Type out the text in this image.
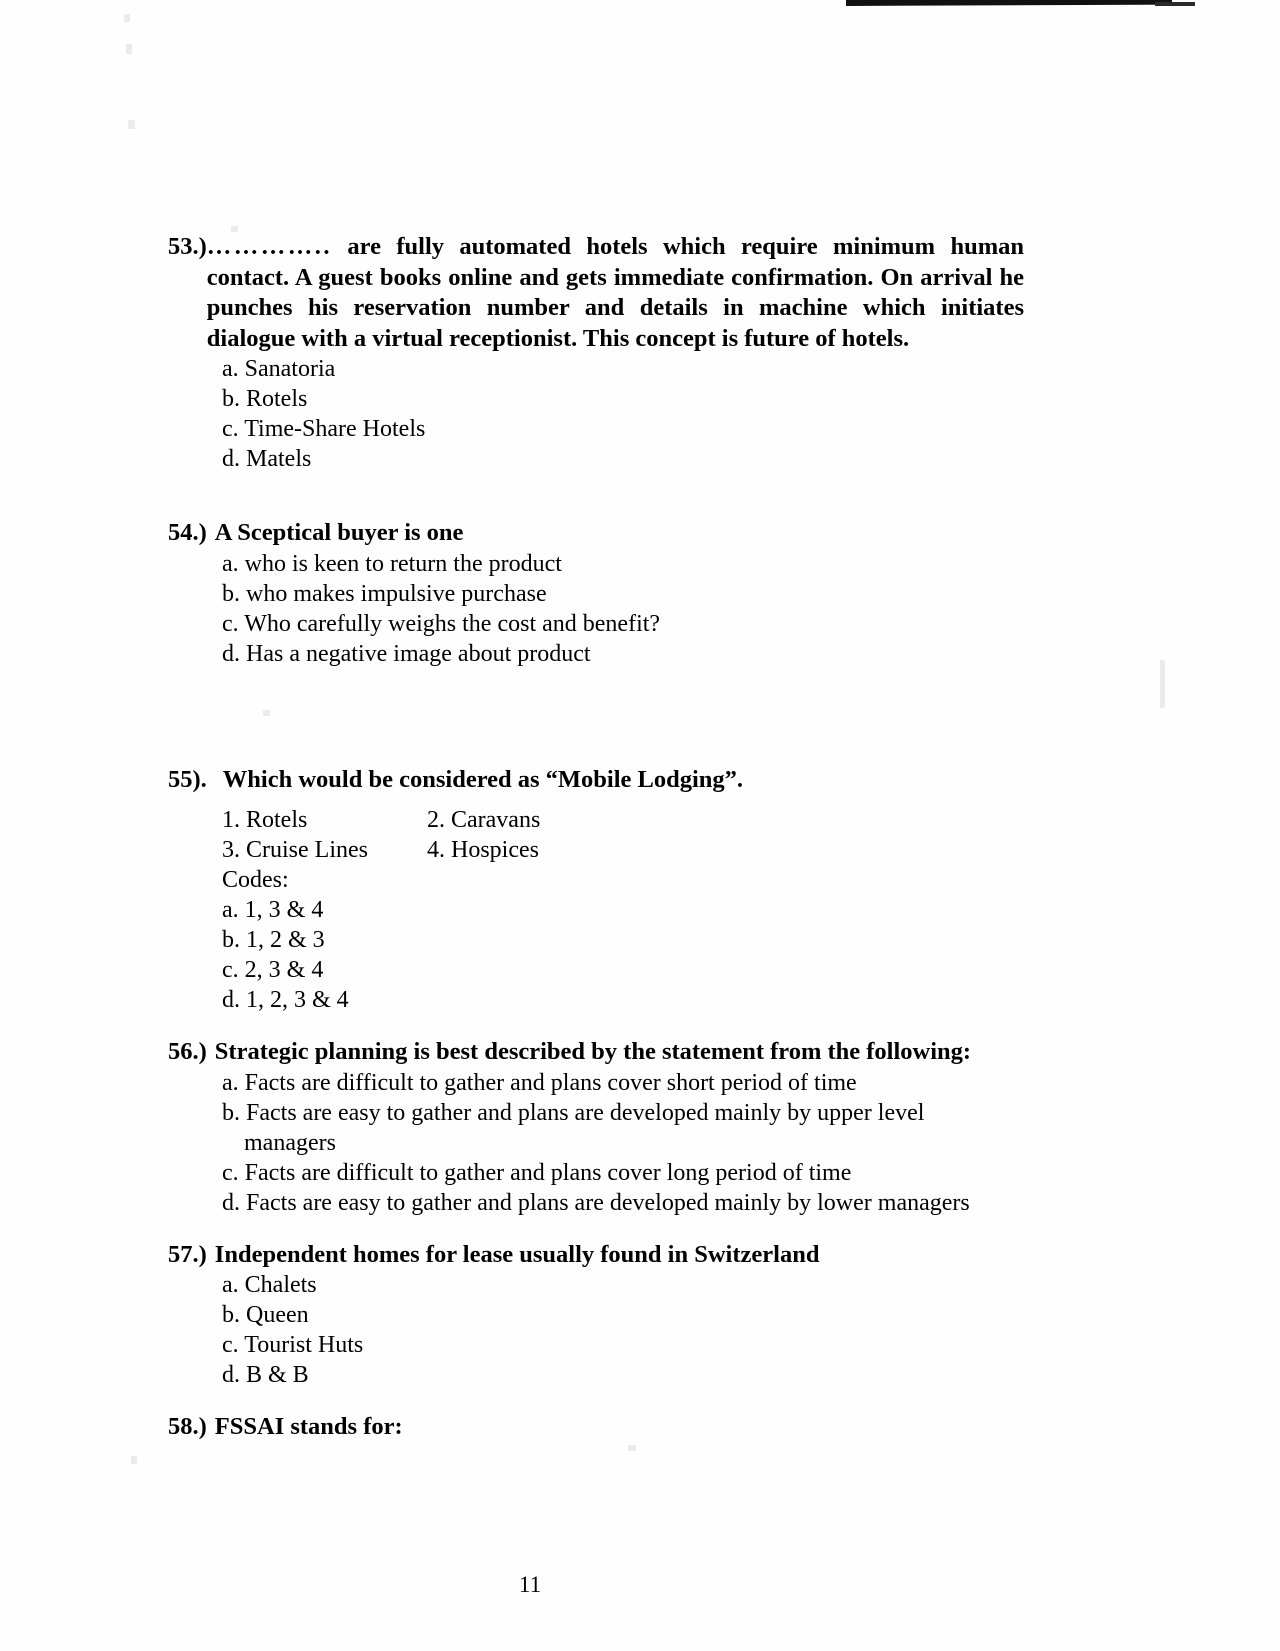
53.) ………….. are fully automated hotels which require minimum human contact. A guest books online and gets immediate confirmation. On arrival he punches his reservation number and details in machine which initiates dialogue with a virtual receptionist. This concept is future of hotels.
a. Sanatoria
b. Rotels
c. Time-Share Hotels
d. Matels
54.) A Sceptical buyer is one
a. who is keen to return the product
b. who makes impulsive purchase
c. Who carefully weighs the cost and benefit?
d. Has a negative image about product
55). Which would be considered as “Mobile Lodging”.
1. Rotels	2. Caravans
3. Cruise Lines	4. Hospices
Codes:
a. 1, 3 & 4
b. 1, 2 & 3
c. 2, 3 & 4
d. 1, 2, 3 & 4
56.) Strategic planning is best described by the statement from the following:
a. Facts are difficult to gather and plans cover short period of time
b. Facts are easy to gather and plans are developed mainly by upper level
managers
c. Facts are difficult to gather and plans cover long period of time
d. Facts are easy to gather and plans are developed mainly by lower managers
57.) Independent homes for lease usually found in Switzerland
a. Chalets
b. Queen
c. Tourist Huts
d. B & B
58.) FSSAI stands for:
11
